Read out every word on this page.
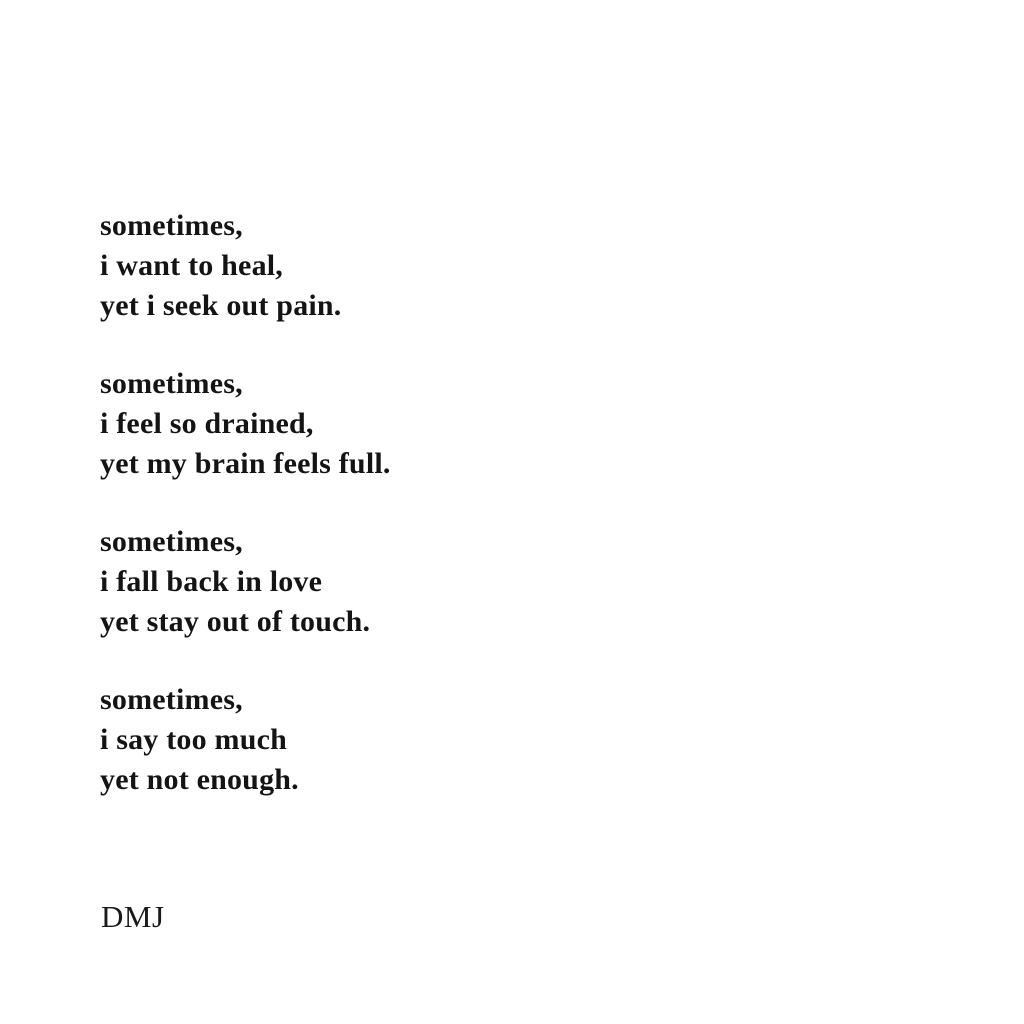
sometimes,
i want to heal,
yet i seek out pain.
sometimes,
i feel so drained,
yet my brain feels full.
sometimes,
i fall back in love
yet stay out of touch.
sometimes,
i say too much
yet not enough.
DMJ
